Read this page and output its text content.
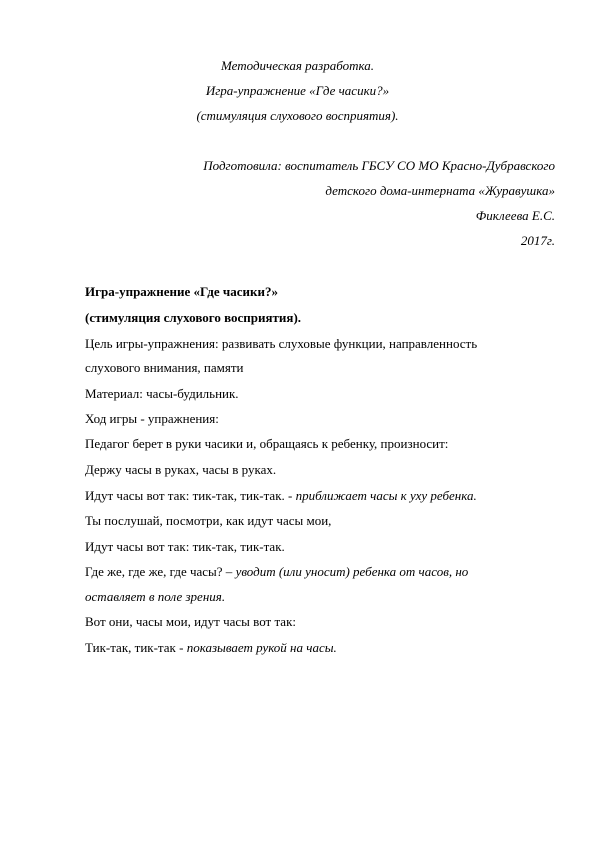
Методическая разработка.
Игра-упражнение «Где часики?»
(стимуляция слухового восприятия).
Подготовила: воспитатель ГБСУ СО МО Красно-Дубравского
детского дома-интерната «Журавушка»
Фиклеева Е.С.
2017г.
Игра-упражнение «Где часики?»
(стимуляция слухового восприятия).
Цель игры-упражнения: развивать слуховые функции, направленность
слухового внимания, памяти
Материал: часы-будильник.
Ход игры - упражнения:
Педагог берет в руки часики и, обращаясь к ребенку, произносит:
Держу часы в руках, часы в руках.
Идут часы вот так: тик-так, тик-так. - приближает часы к уху ребенка.
Ты послушай, посмотри, как идут часы мои,
Идут часы вот так: тик-так, тик-так.
Где же, где же, где часы? – уводит (или уносит) ребенка от часов, но
оставляет в поле зрения.
Вот они, часы мои, идут часы вот так:
Тик-так, тик-так - показывает рукой на часы.
